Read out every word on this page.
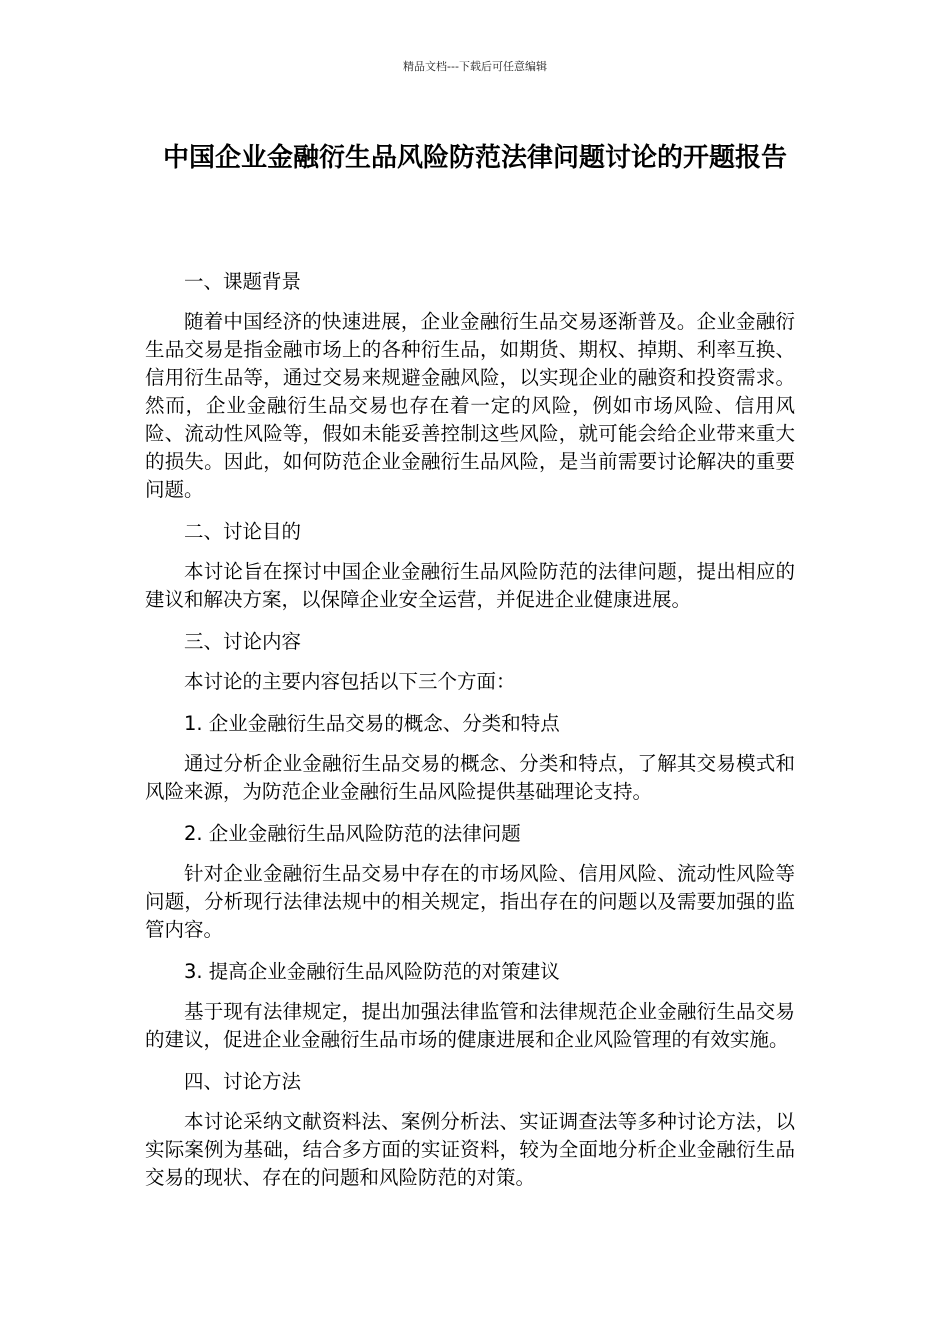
精品文档---下载后可任意编辑
中国企业金融衍生品风险防范法律问题讨论的开题报告

一、课题背景

随着中国经济的快速进展，企业金融衍生品交易逐渐普及。企业金融衍生品交易是指金融市场上的各种衍生品，如期货、期权、掉期、利率互换、信用衍生品等，通过交易来规避金融风险，以实现企业的融资和投资需求。然而，企业金融衍生品交易也存在着一定的风险，例如市场风险、信用风险、流动性风险等，假如未能妥善控制这些风险，就可能会给企业带来重大的损失。因此，如何防范企业金融衍生品风险，是当前需要讨论解决的重要问题。

二、讨论目的

本讨论旨在探讨中国企业金融衍生品风险防范的法律问题，提出相应的建议和解决方案，以保障企业安全运营，并促进企业健康进展。

三、讨论内容

本讨论的主要内容包括以下三个方面：

1. 企业金融衍生品交易的概念、分类和特点

通过分析企业金融衍生品交易的概念、分类和特点，了解其交易模式和风险来源，为防范企业金融衍生品风险提供基础理论支持。

2. 企业金融衍生品风险防范的法律问题

针对企业金融衍生品交易中存在的市场风险、信用风险、流动性风险等问题，分析现行法律法规中的相关规定，指出存在的问题以及需要加强的监管内容。

3. 提高企业金融衍生品风险防范的对策建议

基于现有法律规定，提出加强法律监管和法律规范企业金融衍生品交易的建议，促进企业金融衍生品市场的健康进展和企业风险管理的有效实施。

四、讨论方法

本讨论采纳文献资料法、案例分析法、实证调查法等多种讨论方法，以实际案例为基础，结合多方面的实证资料，较为全面地分析企业金融衍生品交易的现状、存在的问题和风险防范的对策。
